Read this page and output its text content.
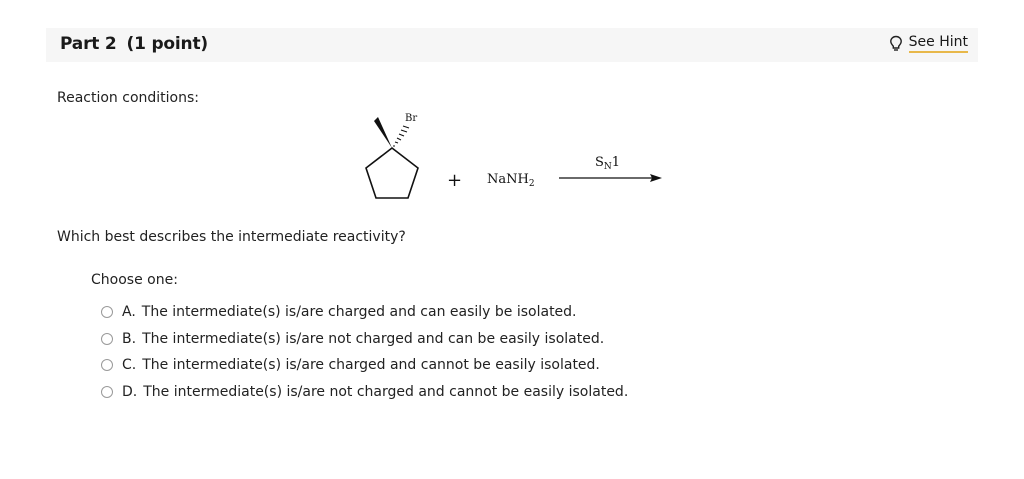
Part 2 (1 point)	See Hint
Reaction conditions:
Br
+ NaNH$_2$
$S_N1$
Which best describes the intermediate reactivity?
Choose one:
A. The intermediate(s) is/are charged and can easily be isolated.
B. The intermediate(s) is/are not charged and can be easily isolated.
C. The intermediate(s) is/are charged and cannot be easily isolated.
D. The intermediate(s) is/are not charged and cannot be easily isolated.
